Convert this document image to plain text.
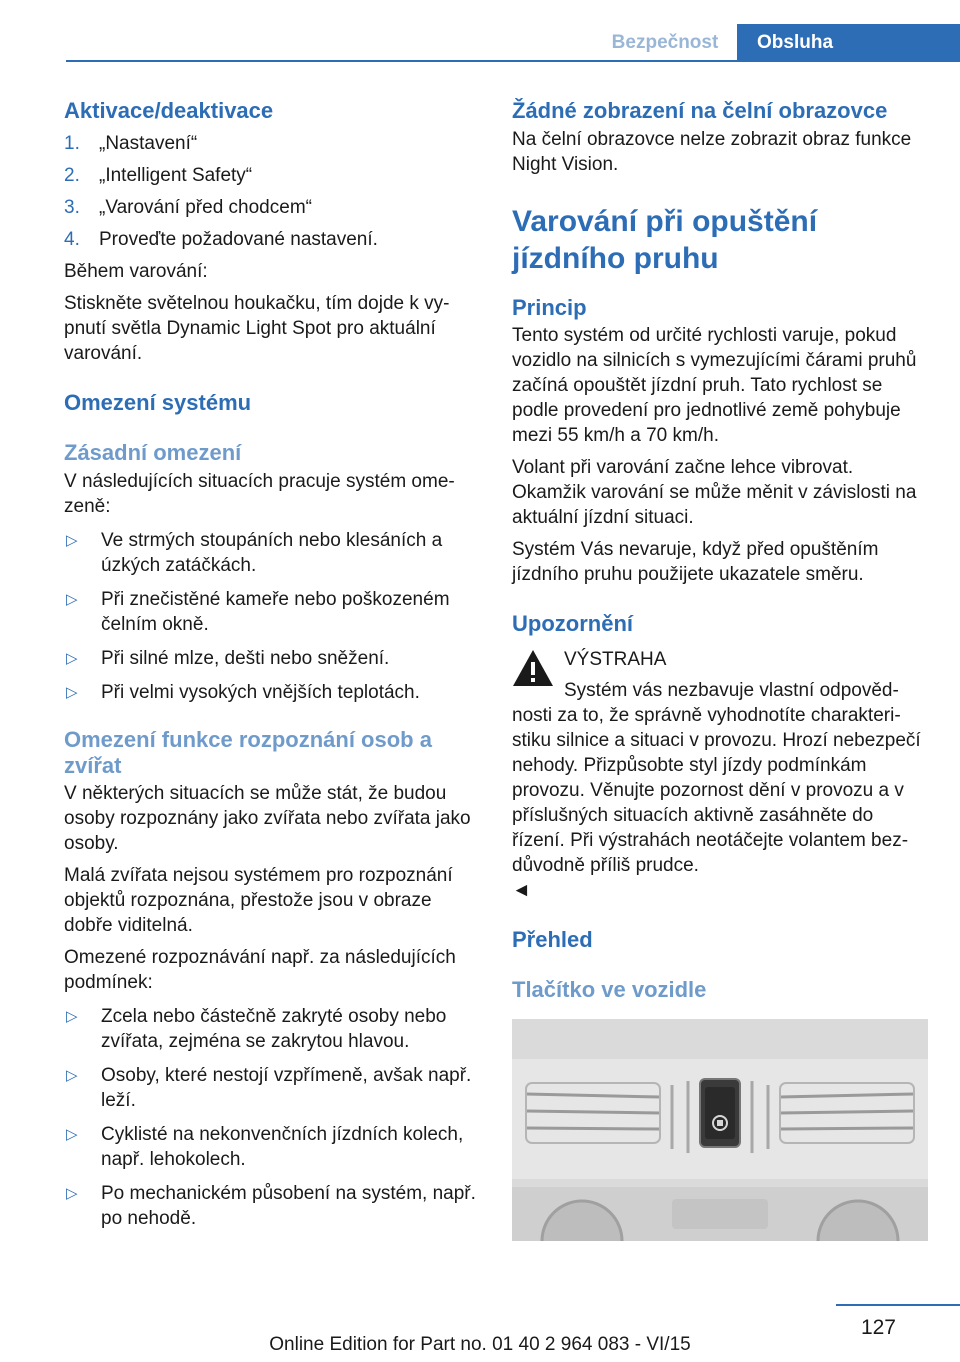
Bezpečnost	Obsluha
Aktivace/deaktivace
1.	„Nastavení“
2.	„Intelligent Safety“
3.	„Varování před chodcem“
4.	Proveďte požadované nastavení.

Během varování:

Stiskněte světelnou houkačku, tím dojde k vypnutí světla Dynamic Light Spot pro aktuální varování.

Omezení systému
Zásadní omezení

V následujících situacích pracuje systém omezeně:

▷	Ve strmých stoupáních nebo klesáních a úzkých zatáčkách.
▷	Při znečistěné kameře nebo poškozeném čelním okně.
▷	Při silné mlze, dešti nebo sněžení.
▷	Při velmi vysokých vnějších teplotách.
Omezení funkce rozpoznání osob a zvířat

V některých situacích se může stát, že budou osoby rozpoznány jako zvířata nebo zvířata jako osoby.

Malá zvířata nejsou systémem pro rozpoznání objektů rozpoznána, přestože jsou v obraze dobře viditelná.

Omezené rozpoznávání např. za následujících podmínek:

▷	Zcela nebo částečně zakryté osoby nebo zvířata, zejména se zakrytou hlavou.
▷	Osoby, které nestojí vzpřímeně, avšak např. leží.
▷	Cyklisté na nekonvenčních jízdních kolech, např. lehokolech.
▷	Po mechanickém působení na systém, např. po nehodě.
Žádné zobrazení na čelní obrazovce

Na čelní obrazovce nelze zobrazit obraz funkce Night Vision.

Varování při opuštění jízdního pruhu
Princip

Tento systém od určité rychlosti varuje, pokud vozidlo na silnicích s vymezujícími čárami pruhů začíná opouštět jízdní pruh. Tato rychlost se podle provedení pro jednotlivé země pohybuje mezi 55 km/h a 70 km/h.

Volant při varování začne lehce vibrovat. Okamžik varování se může měnit v závislosti na aktuální jízdní situaci.

Systém Vás nevaruje, když před opuštěním jízdního pruhu použijete ukazatele směru.

Upozornění

VÝSTRAHA

Systém vás nezbavuje vlastní odpovědnosti za to, že správně vyhodnotíte charakteristiku silnice a situaci v provozu. Hrozí nebezpečí nehody. Přizpůsobte styl jízdy podmínkám provozu. Věnujte pozornost dění v provozu a v příslušných situacích aktivně zasáhněte do řízení. Při výstrahách neotáčejte volantem bezdůvodně příliš prudce.
◄

Přehled
Tlačítko ve vozidle
127
Online Edition for Part no. 01 40 2 964 083 - VI/15
